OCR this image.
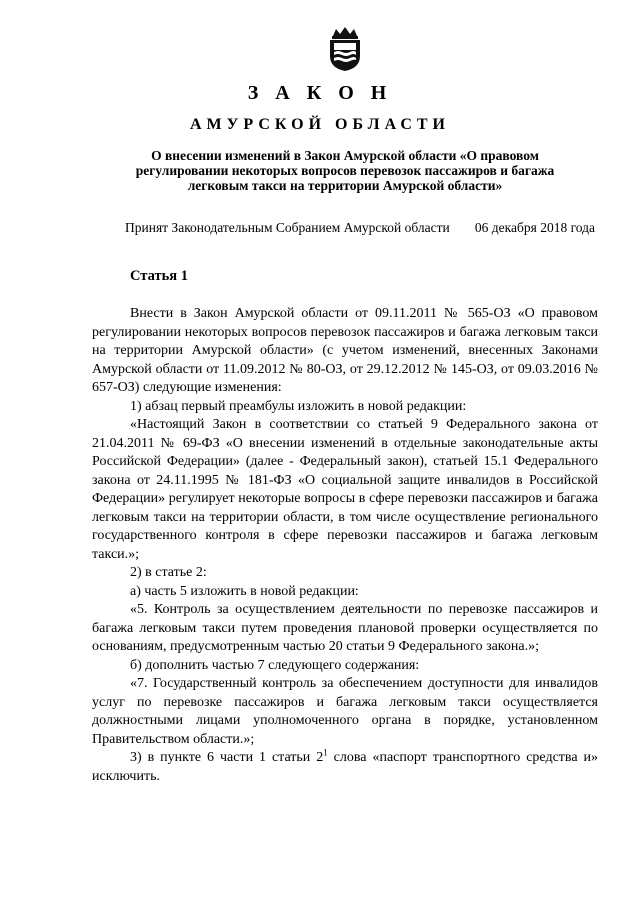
З А К О Н
АМУРСКОЙ ОБЛАСТИ
О внесении изменений в Закон Амурской области «О правовом регулировании некоторых вопросов перевозок пассажиров и багажа легковым такси на территории Амурской области»
Принят Законодательным Собранием Амурской области 06 декабря 2018 года
Статья 1

Внести в Закон Амурской области от 09.11.2011 № 565-ОЗ «О правовом регулировании некоторых вопросов перевозок пассажиров и багажа легковым такси на территории Амурской области» (с учетом изменений, внесенных Законами Амурской области от 11.09.2012 № 80-ОЗ, от 29.12.2012 № 145-ОЗ, от 09.03.2016 № 657-ОЗ) следующие изменения:

1) абзац первый преамбулы изложить в новой редакции:

«Настоящий Закон в соответствии со статьей 9 Федерального закона от 21.04.2011 № 69-ФЗ «О внесении изменений в отдельные законодательные акты Российской Федерации» (далее - Федеральный закон), статьей 15.1 Федерального закона от 24.11.1995 № 181-ФЗ «О социальной защите инвалидов в Российской Федерации» регулирует некоторые вопросы в сфере перевозки пассажиров и багажа легковым такси на территории области, в том числе осуществление регионального государственного контроля в сфере перевозки пассажиров и багажа легковым такси.»;

2) в статье 2:

а) часть 5 изложить в новой редакции:

«5. Контроль за осуществлением деятельности по перевозке пассажиров и багажа легковым такси путем проведения плановой проверки осуществляется по основаниям, предусмотренным частью 20 статьи 9 Федерального закона.»;

б) дополнить частью 7 следующего содержания:

«7. Государственный контроль за обеспечением доступности для инвалидов услуг по перевозке пассажиров и багажа легковым такси осуществляется должностными лицами уполномоченного органа в порядке, установленном Правительством области.»;

3) в пункте 6 части 1 статьи $2^1$ слова «паспорт транспортного средства и» исключить.
